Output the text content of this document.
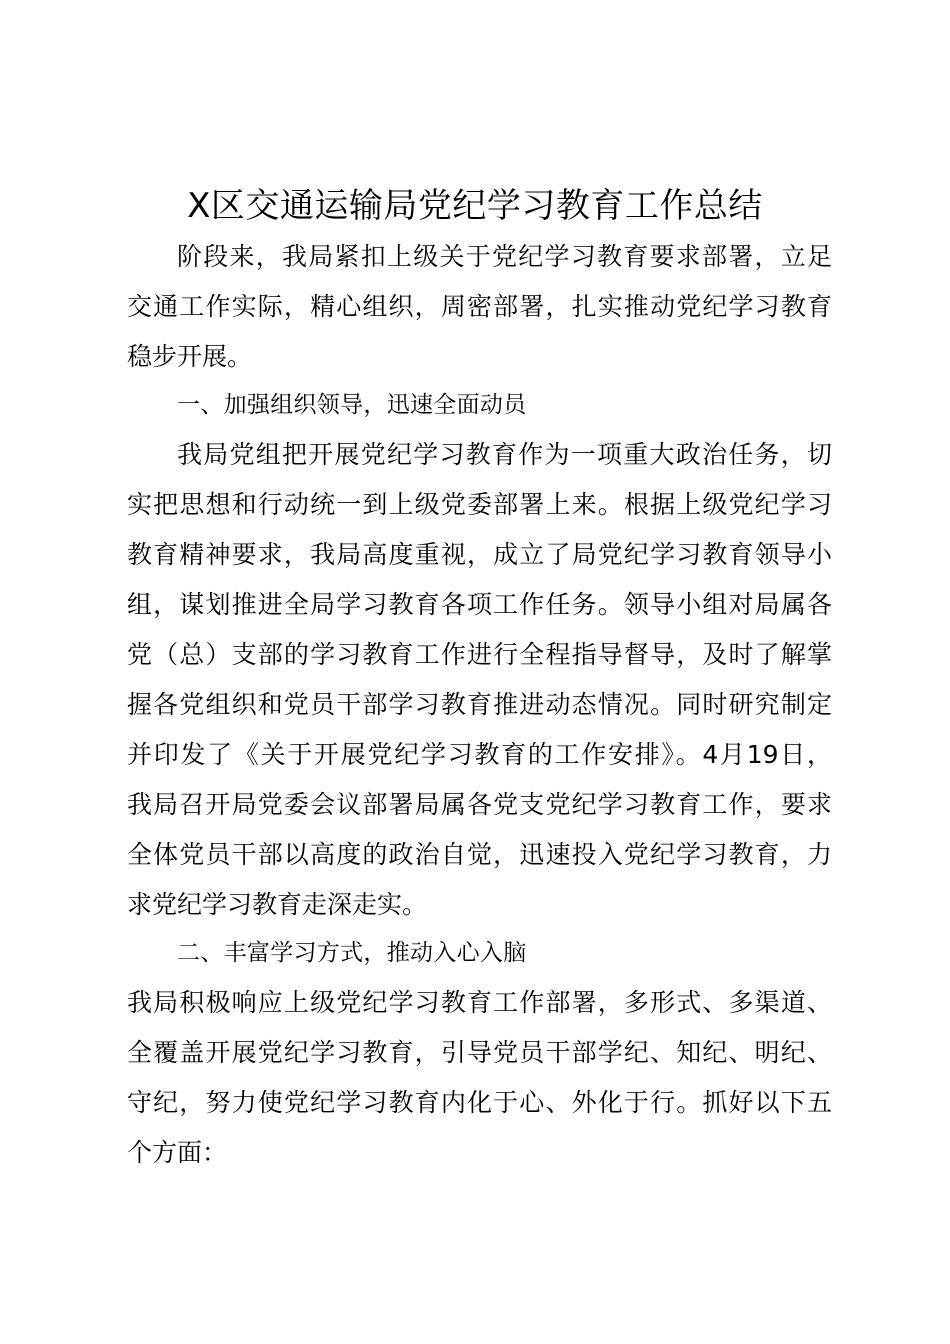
X区交通运输局党纪学习教育工作总结
阶段来，我局紧扣上级关于党纪学习教育要求部署，立足
交通工作实际，精心组织，周密部署，扎实推动党纪学习教育
稳步开展。
一、加强组织领导，迅速全面动员
我局党组把开展党纪学习教育作为一项重大政治任务，切
实把思想和行动统一到上级党委部署上来。根据上级党纪学习
教育精神要求，我局高度重视，成立了局党纪学习教育领导小
组，谋划推进全局学习教育各项工作任务。领导小组对局属各
党（总）支部的学习教育工作进行全程指导督导，及时了解掌
握各党组织和党员干部学习教育推进动态情况。同时研究制定
并印发了《关于开展党纪学习教育的工作安排》。4月19日，
我局召开局党委会议部署局属各党支党纪学习教育工作，要求
全体党员干部以高度的政治自觉，迅速投入党纪学习教育，力
求党纪学习教育走深走实。
二、丰富学习方式，推动入心入脑
我局积极响应上级党纪学习教育工作部署，多形式、多渠道、
全覆盖开展党纪学习教育，引导党员干部学纪、知纪、明纪、
守纪，努力使党纪学习教育内化于心、外化于行。抓好以下五
个方面：
